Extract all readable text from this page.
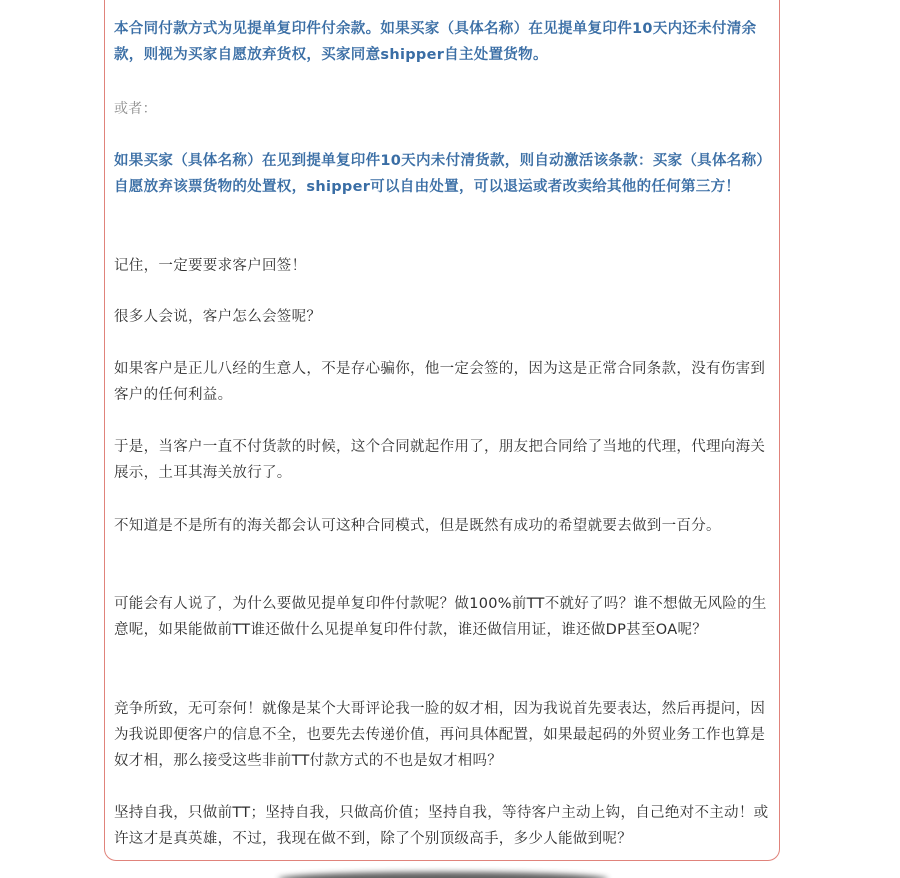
本合同付款方式为见提单复印件付余款。如果买家（具体名称）在见提单复印件10天内还未付清余款，则视为买家自愿放弃货权，买家同意shipper自主处置货物。

或者：

如果买家（具体名称）在见到提单复印件10天内未付清货款，则自动激活该条款：买家（具体名称）自愿放弃该票货物的处置权，shipper可以自由处置，可以退运或者改卖给其他的任何第三方！

记住，一定要要求客户回签！

很多人会说，客户怎么会签呢？

如果客户是正儿八经的生意人，不是存心骗你，他一定会签的，因为这是正常合同条款，没有伤害到客户的任何利益。

于是，当客户一直不付货款的时候，这个合同就起作用了，朋友把合同给了当地的代理，代理向海关展示，土耳其海关放行了。

不知道是不是所有的海关都会认可这种合同模式，但是既然有成功的希望就要去做到一百分。

可能会有人说了，为什么要做见提单复印件付款呢？做100%前TT不就好了吗？谁不想做无风险的生意呢，如果能做前TT谁还做什么见提单复印件付款，谁还做信用证，谁还做DP甚至OA呢？

竞争所致，无可奈何！就像是某个大哥评论我一脸的奴才相，因为我说首先要表达，然后再提问，因为我说即便客户的信息不全，也要先去传递价值，再问具体配置，如果最起码的外贸业务工作也算是奴才相，那么接受这些非前TT付款方式的不也是奴才相吗？

坚持自我，只做前TT；坚持自我，只做高价值；坚持自我，等待客户主动上钩，自己绝对不主动！或许这才是真英雄，不过，我现在做不到，除了个别顶级高手，多少人能做到呢？
